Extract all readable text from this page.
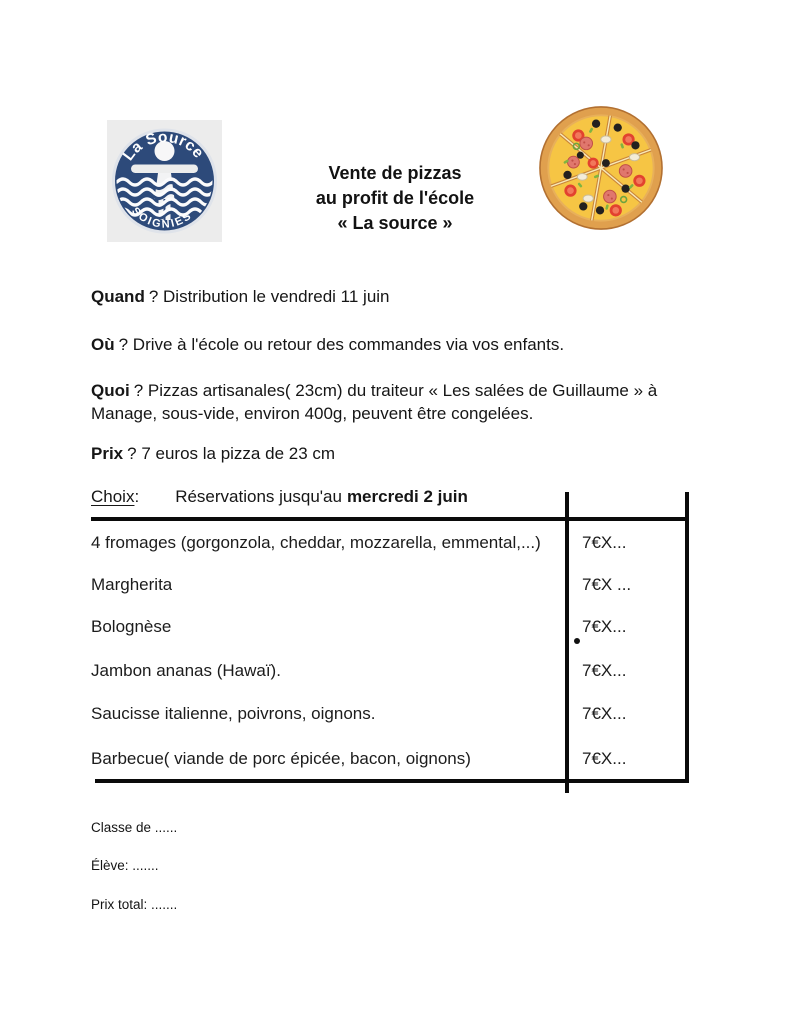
La Source
SOIGNIES
Vente de pizzas
au profit de l'école
« La source »
Quand ? Distribution le vendredi 11 juin
Où ? Drive à l'école ou retour des commandes via vos enfants.
Quoi ? Pizzas artisanales( 23cm) du traiteur « Les salées de Guillaume » à
Manage, sous-vide, environ 400g, peuvent être congelées.
Prix ? 7 euros la pizza de 23 cm
Choix: Réservations jusqu'au mercredi 2 juin
4 fromages (gorgonzola, cheddar, mozzarella, emmental,...) 7€X...
Margherita	7€X ...
Bolognèse	7€X...
Jambon ananas (Hawaï).	7€X...
Saucisse italienne, poivrons, oignons.	7€X...
Barbecue( viande de porc épicée, bacon, oignons)	7€X...
Classe de ......
Élève: .......
Prix total: .......
